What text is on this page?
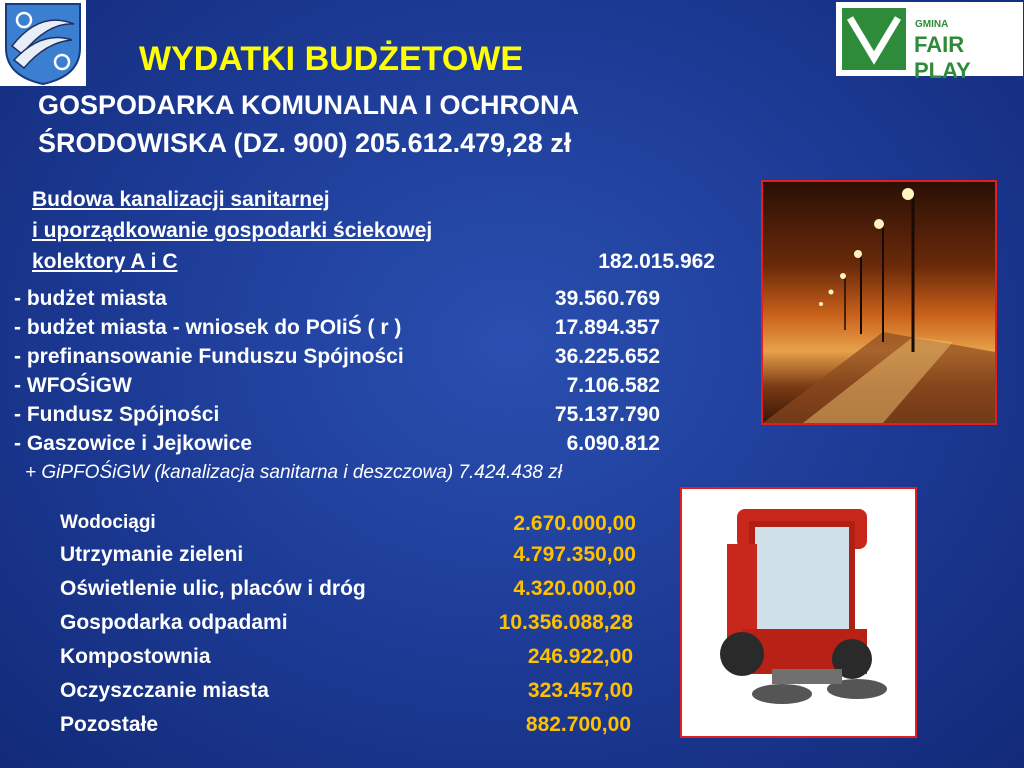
GMINA
FAIR PLAY
WYDATKI BUDŻETOWE
GOSPODARKA KOMUNALNA I OCHRONA
ŚRODOWISKA (DZ. 900) 205.612.479,28 zł
Budowa kanalizacji sanitarnej
i uporządkowanie gospodarki ściekowej
kolektory A i C	182.015.962
- budżet miasta	39.560.769
- budżet miasta - wniosek do POIiŚ ( r )	17.894.357
- prefinansowanie Funduszu Spójności	36.225.652
- WFOŚiGW	7.106.582
- Fundusz Spójności	75.137.790
- Gaszowice i Jejkowice	6.090.812
+ GiPFOŚiGW (kanalizacja sanitarna i deszczowa) 7.424.438 zł
Wodociągi	2.670.000,00
Utrzymanie zieleni	4.797.350,00
Oświetlenie ulic, placów i dróg	4.320.000,00
Gospodarka odpadami	10.356.088,28
Kompostownia	246.922,00
Oczyszczanie miasta	323.457,00
Pozostałe	882.700,00
